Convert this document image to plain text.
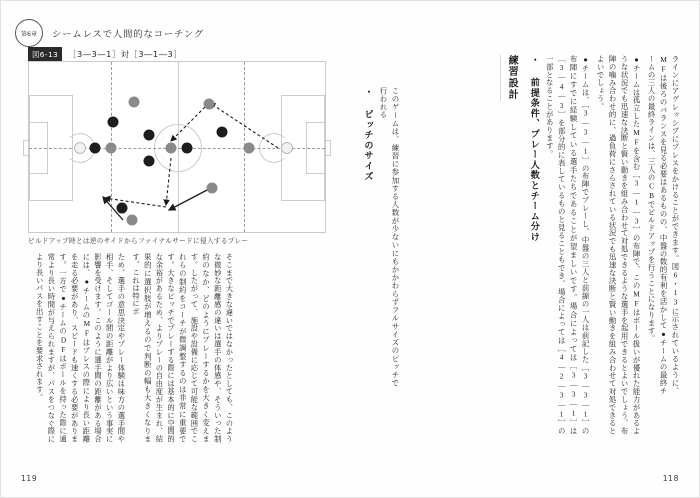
第6章	シームレスで人間的なコーチング
図6-13	［3―3―1］対［3―1―3］
ビルドアップ時とは逆のサイドからファイナルサードに侵入するプレー
練習設計 ・ 前提条件、プレー人数とチーム分け	●チームは、［3―3―1］の布陣でプレーし、中盤の三人と前線の一人は前記した［3―3―1］の布陣にすでに経験している選手たちであることが望ましいです。場合によっては［3―3―1］は［3―4―3］を部分的に表しているものと見ることもでき、場合によっては［4―2―3―1］の一部となることがあります。	●チームは孤立したMFを含む［3―1―3］の布陣で、このMFはボール扱いが優れた能力があるような状況でも迅速な決断と賢い動きを組み合わせて対処できるような選手を起用できるとよいでしょう。布陣の噛み合わせ的に、過負荷にさらされている状況でも迅速な決断と賢い動きを組み合わせて対処できるとよいでしょう。	ラインにアグレッシブにプレスをかけることができます。図6・13に示されているように、MFは後ろのバランスを見る必要はあるものの、中盤の数的有利を活かして●チームの最終チームの三人の最終ラインは、三人のCBでビルドアップを行うことになります。
・ ピッチのサイズ	このゲームは、練習に参加する人数が少ないにもかかわらずフルサイズのピッチで行われる
ため、選手の意思決定やプレー体験は味方の選手間や相手、そしてゴール間の距離がより広いという事実に影響を受けます。このように選手間の距離がある場合には、●チームのMFはプレスの際により長い距離を走る必要があり、スピードも速くする必要があります。一方で●チームのDFはボールを持った際に通常より長い時間が与えられますが、パスをつなぐ際により長いパスを出すことを要求されます。	そこまで大きな違いではなかったとしても、このような微妙な距離感の違いは選手の体感や、そういった制約のなか、どのようにプレーするかを大きく変えます。したがって、施設や設備に応じて可能な範囲でこれらの制約をコーチが微調整するのは非常に重要です。大きなピッチでプレーする際には基本的に空間的な余裕があるため、よりプレーの自由度が生まれ、結果的に選択肢が増えるので判断の幅も大きくなります。これは特にボ
119	118
